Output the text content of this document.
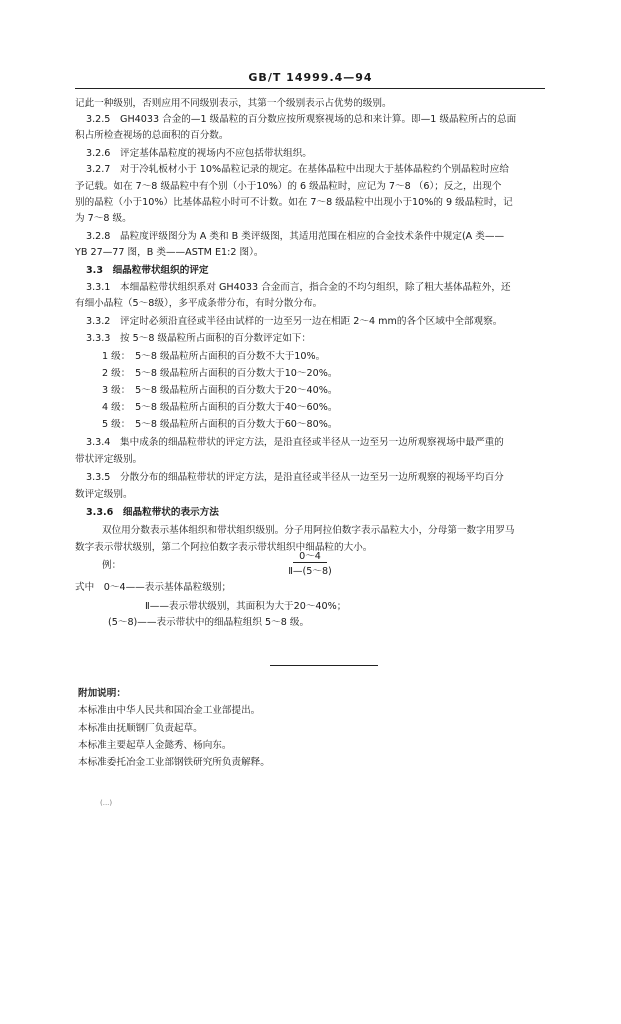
GB/T 14999.4—94
记此一种级别，否则应用不同级别表示，其第一个级别表示占优势的级别。
3.2.5　GH4033 合金的—1 级晶粒的百分数应按所观察视场的总和来计算。即—1 级晶粒所占的总面
积占所检查视场的总面积的百分数。
3.2.6　评定基体晶粒度的视场内不应包括带状组织。
3.2.7　对于冷轧板材小于 10%晶粒记录的规定。在基体晶粒中出现大于基体晶粒约个别晶粒时应给
予记载。如在 7～8 级晶粒中有个别（小于10%）的 6 级晶粒时，应记为 7～8 （6）；反之，出现个
别的晶粒（小于10%）比基体晶粒小时可不计数。如在 7～8 级晶粒中出现小于10%的 9 级晶粒时，记
为 7～8 级。
3.2.8　晶粒度评级图分为 A 类和 B 类评级图，其适用范围在相应的合金技术条件中规定(A 类——
YB 27—77 图，B 类——ASTM E1:2 图）。
3.3　细晶粒带状组织的评定
3.3.1　本细晶粒带状组织系对 GH4033 合金而言，指合金的不均匀组织，除了粗大基体晶粒外，还
有细小晶粒（5～8级），多平成条带分布，有时分散分布。
3.3.2　评定时必须沿直径或半径由试样的一边至另一边在相距 2～4 mm的各个区域中全部观察。
3.3.3　按 5～8 级晶粒所占面积的百分数评定如下：
1 级：　5～8 级晶粒所占面积的百分数不大于10%。
2 级：　5～8 级晶粒所占面积的百分数大于10～20%。
3 级：　5～8 级晶粒所占面积的百分数大于20～40%。
4 级：　5～8 级晶粒所占面积的百分数大于40～60%。
5 级：　5～8 级晶粒所占面积的百分数大于60～80%。
3.3.4　集中成条的细晶粒带状的评定方法，是沿直径或半径从一边至另一边所观察视场中最严重的
带状评定级别。
3.3.5　分散分布的细晶粒带状的评定方法，是沿直径或半径从一边至另一边所观察的视场平均百分
数评定级别。
3.3.6　细晶粒带状的表示方法
双位用分数表示基体组织和带状组织级别。分子用阿拉伯数字表示晶粒大小，分母第一数字用罗马
数字表示带状级别，第二个阿拉伯数字表示带状组织中细晶粒的大小。
例：
0～4
Ⅱ—(5～8)
式中　0～4——表示基体晶粒级别；
Ⅱ——表示带状级别，其面积为大于20～40%；
(5～8)——表示带状中的细晶粒组织 5～8 级。
附加说明：
本标准由中华人民共和国冶金工业部提出。
本标准由抚顺钢厂负责起草。
本标准主要起草人金懿秀、杨向东。
本标准委托冶金工业部钢铁研究所负责解释。
(...)
